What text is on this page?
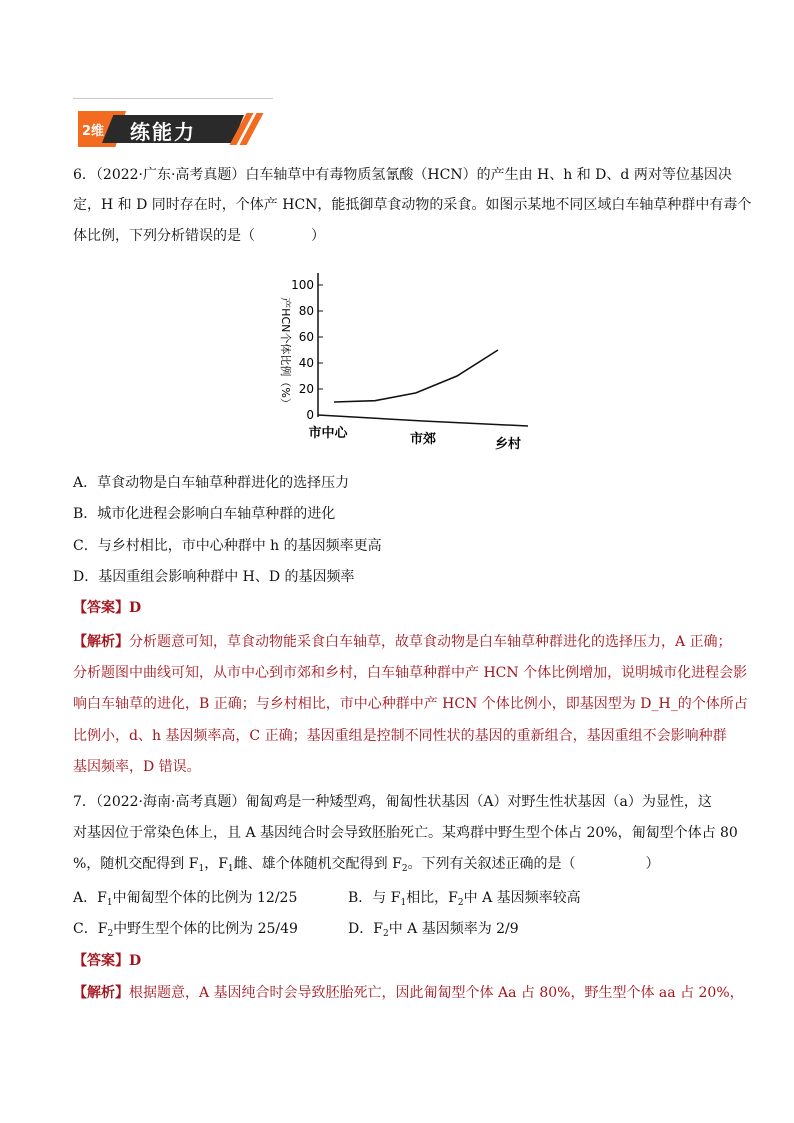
2维 练能力
6．（2022·广东·高考真题）白车轴草中有毒物质氢氰酸（HCN）的产生由 H、h 和 D、d 两对等位基因决
定，H 和 D 同时存在时，个体产 HCN，能抵御草食动物的采食。如图示某地不同区域白车轴草种群中有毒个
体比例，下列分析错误的是（　　　　）
0
20
40
60
80
100
产HCN个体比例（%）
市中心	市郊	乡村
A．草食动物是白车轴草种群进化的选择压力
B．城市化进程会影响白车轴草种群的进化
C．与乡村相比，市中心种群中 h 的基因频率更高
D．基因重组会影响种群中 H、D 的基因频率
【答案】D
【解析】分析题意可知，草食动物能采食白车轴草，故草食动物是白车轴草种群进化的选择压力，A 正确；
分析题图中曲线可知，从市中心到市郊和乡村，白车轴草种群中产 HCN 个体比例增加，说明城市化进程会影
响白车轴草的进化，B 正确；与乡村相比，市中心种群中产 HCN 个体比例小，即基因型为 D_H_的个体所占
比例小，d、h 基因频率高，C 正确；基因重组是控制不同性状的基因的重新组合，基因重组不会影响种群
基因频率，D 错误。
7．（2022·海南·高考真题）匍匐鸡是一种矮型鸡，匍匐性状基因（A）对野生性状基因（a）为显性，这
对基因位于常染色体上，且 A 基因纯合时会导致胚胎死亡。某鸡群中野生型个体占 20%，匍匐型个体占 80
%，随机交配得到 $F_1$，$F_1$雌、雄个体随机交配得到 $F_2$。下列有关叙述正确的是（　　　　　）
A．$F_1$中匍匐型个体的比例为 12/25	B．与 $F_1$相比，$F_2$中 A 基因频率较高
C．$F_2$中野生型个体的比例为 25/49	D．$F_2$中 A 基因频率为 2/9
【答案】D
【解析】根据题意，A 基因纯合时会导致胚胎死亡，因此匍匐型个体 Aa 占 80%，野生型个体 aa 占 20%，
